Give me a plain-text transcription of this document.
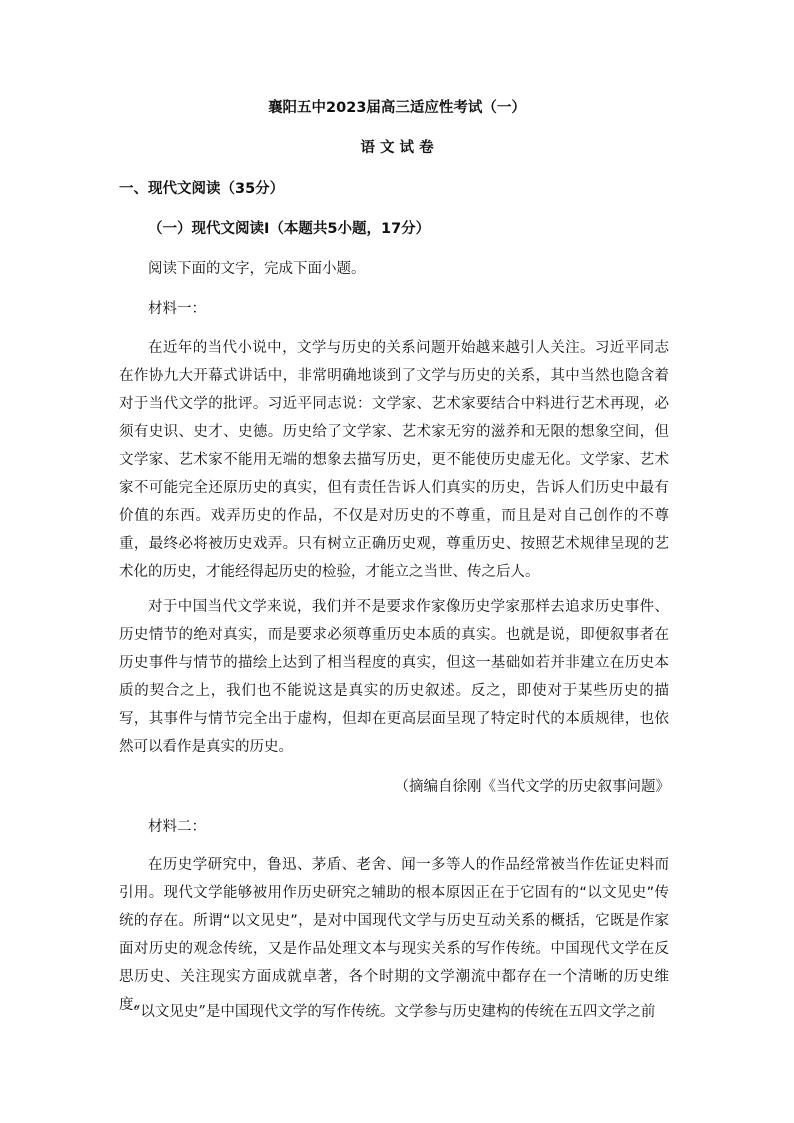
襄阳五中2023届高三适应性考试（一）
语 文 试 卷
一、现代文阅读（35分）
（一）现代文阅读Ⅰ（本题共5小题，17分）
阅读下面的文字，完成下面小题。
材料一：

在近年的当代小说中，文学与历史的关系问题开始越来越引人关注。习近平同志在作协九大开幕式讲话中，非常明确地谈到了文学与历史的关系，其中当然也隐含着对于当代文学的批评。习近平同志说：文学家、艺术家要结合中料进行艺术再现，必须有史识、史才、史德。历史给了文学家、艺术家无穷的滋养和无限的想象空间，但文学家、艺术家不能用无端的想象去描写历史，更不能使历史虚无化。文学家、艺术家不可能完全还原历史的真实，但有责任告诉人们真实的历史，告诉人们历史中最有价值的东西。戏弄历史的作品，不仅是对历史的不尊重，而且是对自己创作的不尊重，最终必将被历史戏弄。只有树立正确历史观，尊重历史、按照艺术规律呈现的艺术化的历史，才能经得起历史的检验，才能立之当世、传之后人。

对于中国当代文学来说，我们并不是要求作家像历史学家那样去追求历史事件、历史情节的绝对真实，而是要求必须尊重历史本质的真实。也就是说，即便叙事者在历史事件与情节的描绘上达到了相当程度的真实，但这一基础如若并非建立在历史本质的契合之上，我们也不能说这是真实的历史叙述。反之，即使对于某些历史的描写，其事件与情节完全出于虚构，但却在更高层面呈现了特定时代的本质规律，也依然可以看作是真实的历史。

（摘编自徐刚《当代文学的历史叙事问题》
材料二：

在历史学研究中，鲁迅、茅盾、老舍、闻一多等人的作品经常被当作佐证史料而引用。现代文学能够被用作历史研究之辅助的根本原因正在于它固有的“以文见史”传统的存在。所谓“以文见史”，是对中国现代文学与历史互动关系的概括，它既是作家面对历史的观念传统，又是作品处理文本与现实关系的写作传统。中国现代文学在反思历史、关注现实方面成就卓著，各个时期的文学潮流中都存在一个清晰的历史维度。

“以文见史”是中国现代文学的写作传统。文学参与历史建构的传统在五四文学之前
